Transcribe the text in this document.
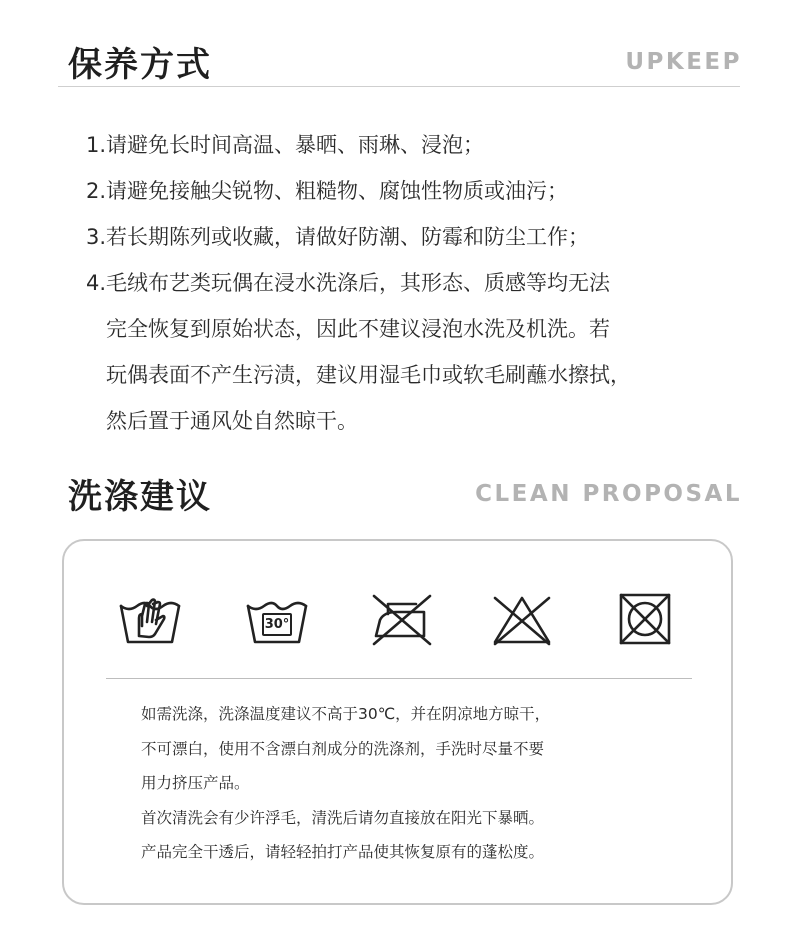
保养方式	UPKEEP
1.请避免长时间高温、暴晒、雨琳、浸泡；
2.请避免接触尖锐物、粗糙物、腐蚀性物质或油污；
3.若长期陈列或收藏，请做好防潮、防霉和防尘工作；
4.毛绒布艺类玩偶在浸水洗涤后，其形态、质感等均无法
完全恢复到原始状态，因此不建议浸泡水洗及机洗。若
玩偶表面不产生污渍，建议用湿毛巾或软毛刷蘸水擦拭，
然后置于通风处自然晾干。
洗涤建议	CLEAN PROPOSAL
30°
如需洗涤，洗涤温度建议不高于30℃，并在阴凉地方晾干，
不可漂白，使用不含漂白剂成分的洗涤剂，手洗时尽量不要
用力挤压产品。
首次清洗会有少许浮毛，清洗后请勿直接放在阳光下暴晒。
产品完全干透后，请轻轻拍打产品使其恢复原有的蓬松度。
